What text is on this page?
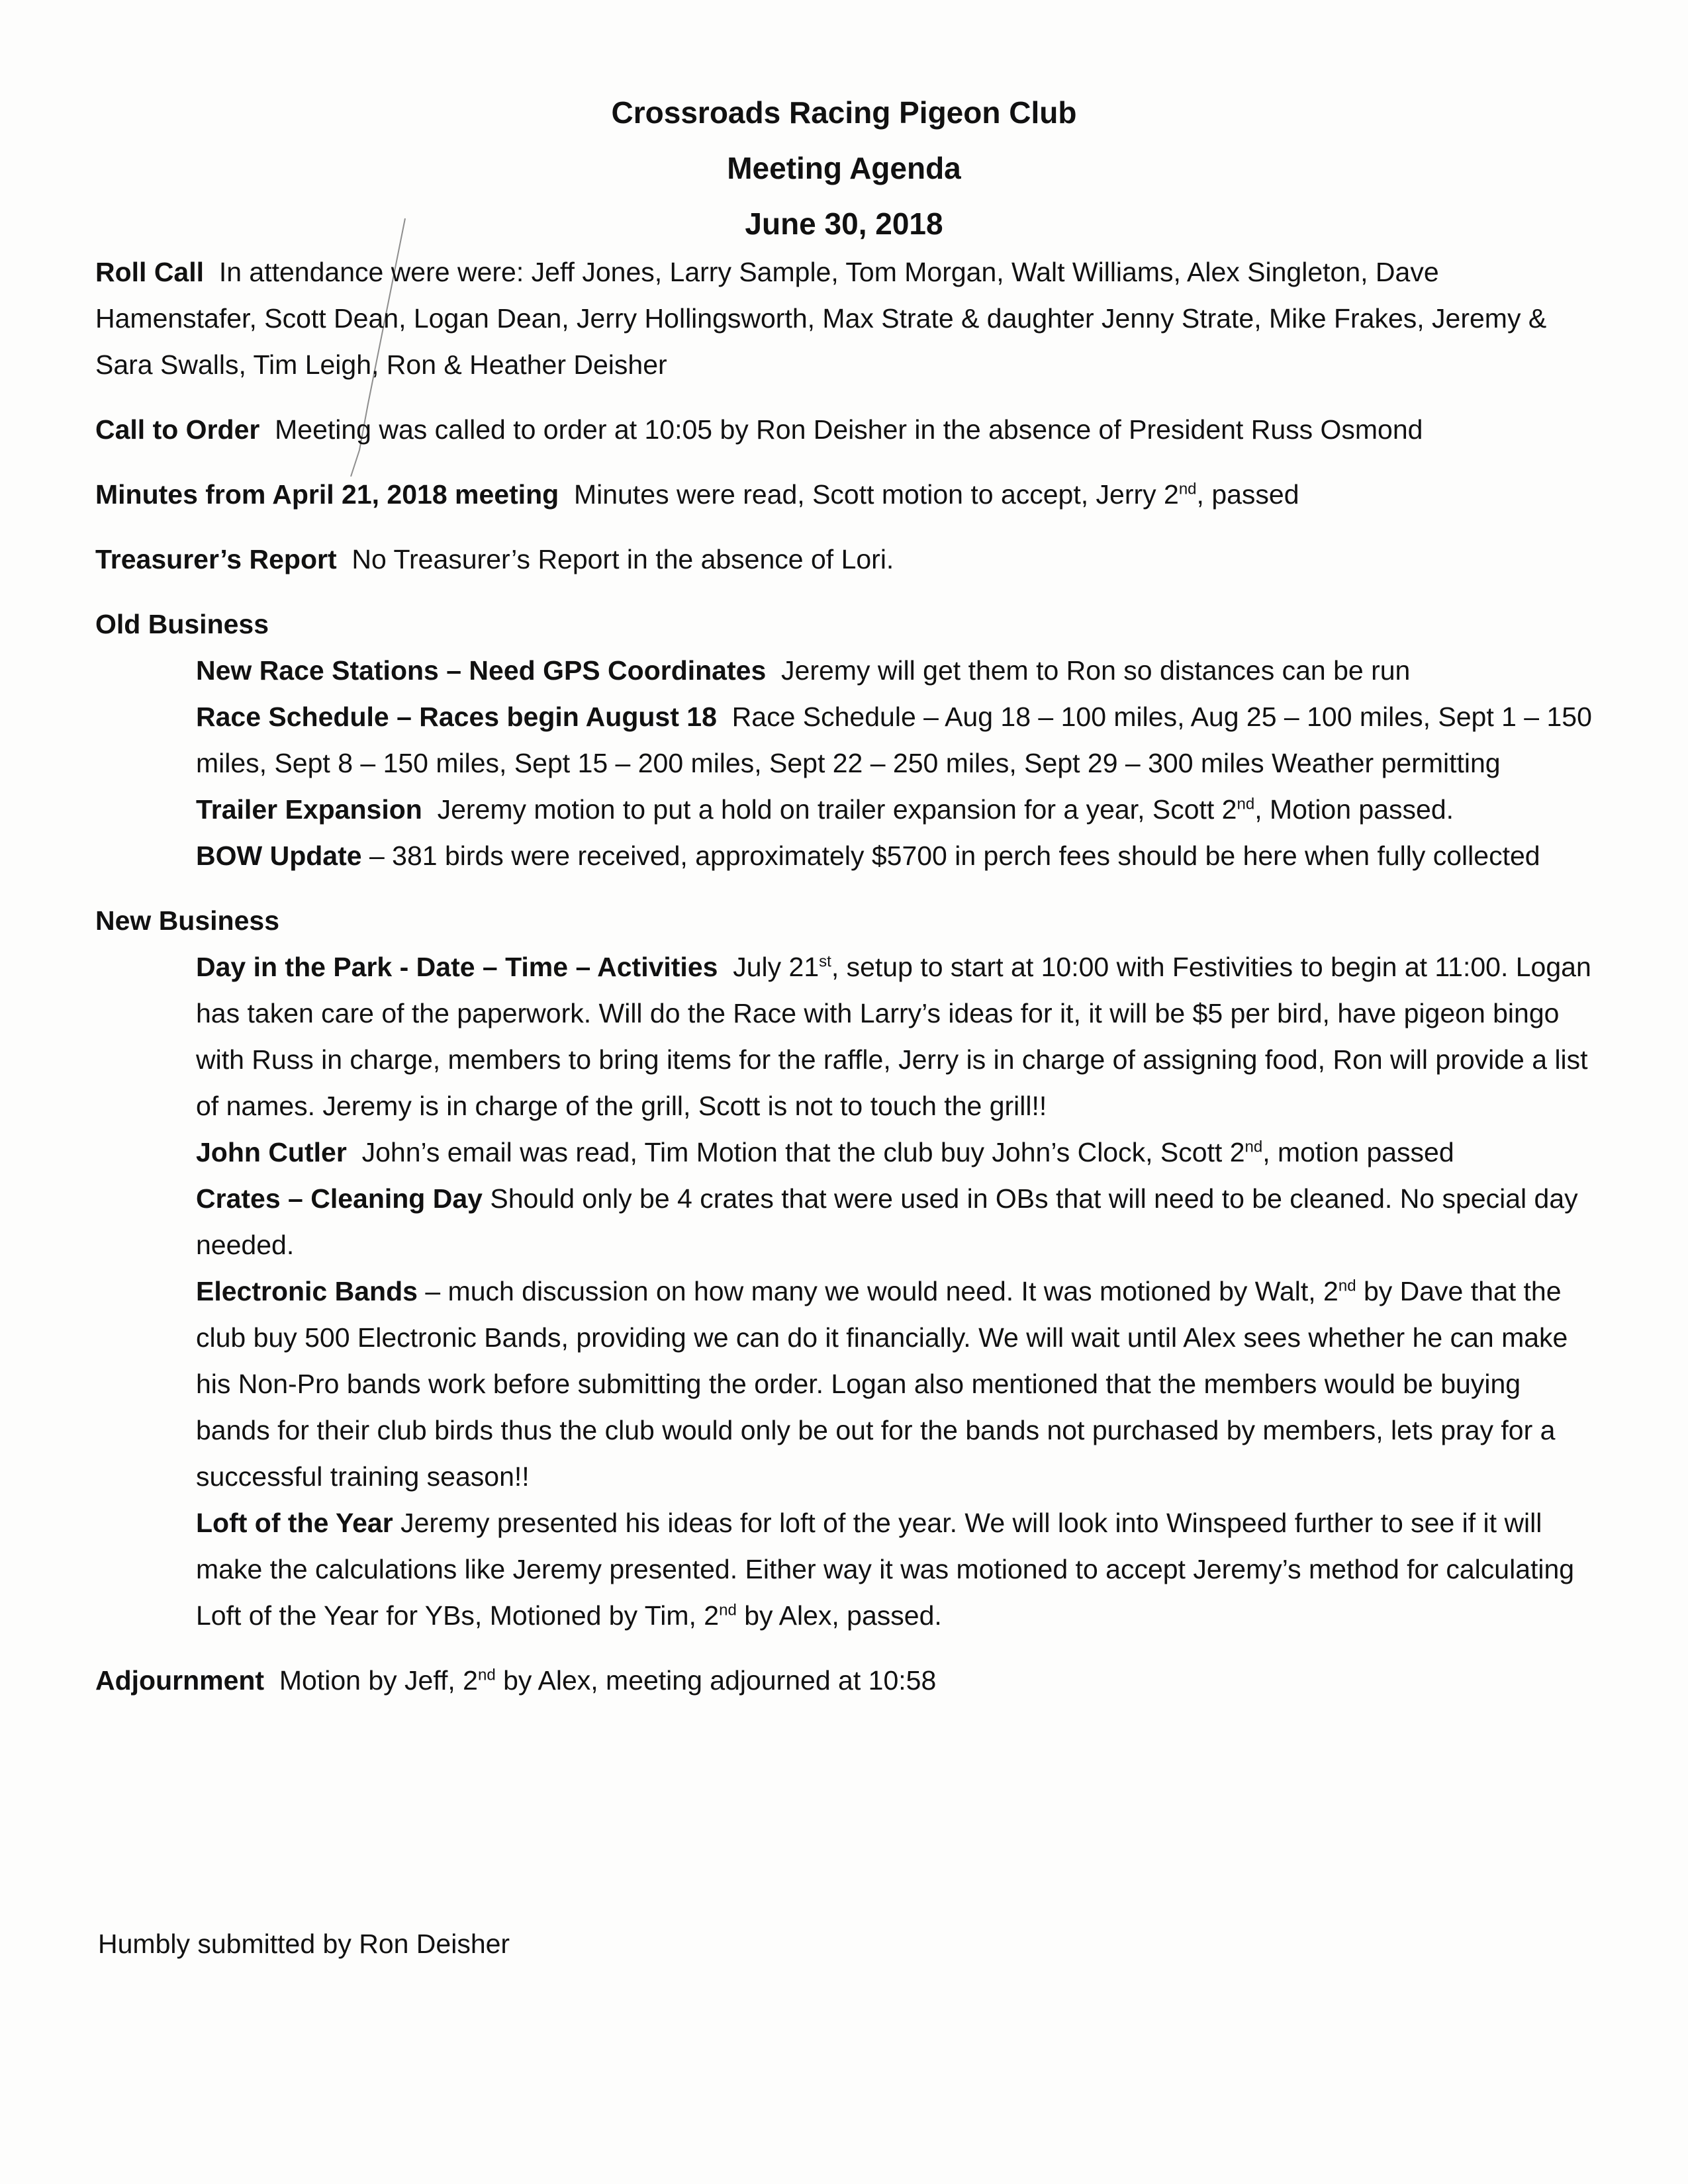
Crossroads Racing Pigeon Club
Meeting Agenda
June 30, 2018

Roll Call In attendance were were: Jeff Jones, Larry Sample, Tom Morgan, Walt Williams, Alex Singleton, Dave Hamenstafer, Scott Dean, Logan Dean, Jerry Hollingsworth, Max Strate & daughter Jenny Strate, Mike Frakes, Jeremy & Sara Swalls, Tim Leigh, Ron & Heather Deisher

Call to Order Meeting was called to order at 10:05 by Ron Deisher in the absence of President Russ Osmond

Minutes from April 21, 2018 meeting Minutes were read, Scott motion to accept, Jerry 2nd, passed

Treasurer’s Report No Treasurer’s Report in the absence of Lori.

Old Business

New Race Stations – Need GPS Coordinates Jeremy will get them to Ron so distances can be run

Race Schedule – Races begin August 18 Race Schedule – Aug 18 – 100 miles, Aug 25 – 100 miles, Sept 1 – 150 miles, Sept 8 – 150 miles, Sept 15 – 200 miles, Sept 22 – 250 miles, Sept 29 – 300 miles Weather permitting

Trailer Expansion Jeremy motion to put a hold on trailer expansion for a year, Scott 2nd, Motion passed.

BOW Update – 381 birds were received, approximately $5700 in perch fees should be here when fully collected

New Business

Day in the Park - Date – Time – Activities July 21st, setup to start at 10:00 with Festivities to begin at 11:00. Logan has taken care of the paperwork. Will do the Race with Larry’s ideas for it, it will be $5 per bird, have pigeon bingo with Russ in charge, members to bring items for the raffle, Jerry is in charge of assigning food, Ron will provide a list of names. Jeremy is in charge of the grill, Scott is not to touch the grill!!

John Cutler John’s email was read, Tim Motion that the club buy John’s Clock, Scott 2nd, motion passed

Crates – Cleaning Day Should only be 4 crates that were used in OBs that will need to be cleaned. No special day needed.

Electronic Bands – much discussion on how many we would need. It was motioned by Walt, 2nd by Dave that the club buy 500 Electronic Bands, providing we can do it financially. We will wait until Alex sees whether he can make his Non-Pro bands work before submitting the order. Logan also mentioned that the members would be buying bands for their club birds thus the club would only be out for the bands not purchased by members, lets pray for a successful training season!!

Loft of the Year Jeremy presented his ideas for loft of the year. We will look into Winspeed further to see if it will make the calculations like Jeremy presented. Either way it was motioned to accept Jeremy’s method for calculating Loft of the Year for YBs, Motioned by Tim, 2nd by Alex, passed.

Adjournment Motion by Jeff, 2nd by Alex, meeting adjourned at 10:58

Humbly submitted by Ron Deisher
